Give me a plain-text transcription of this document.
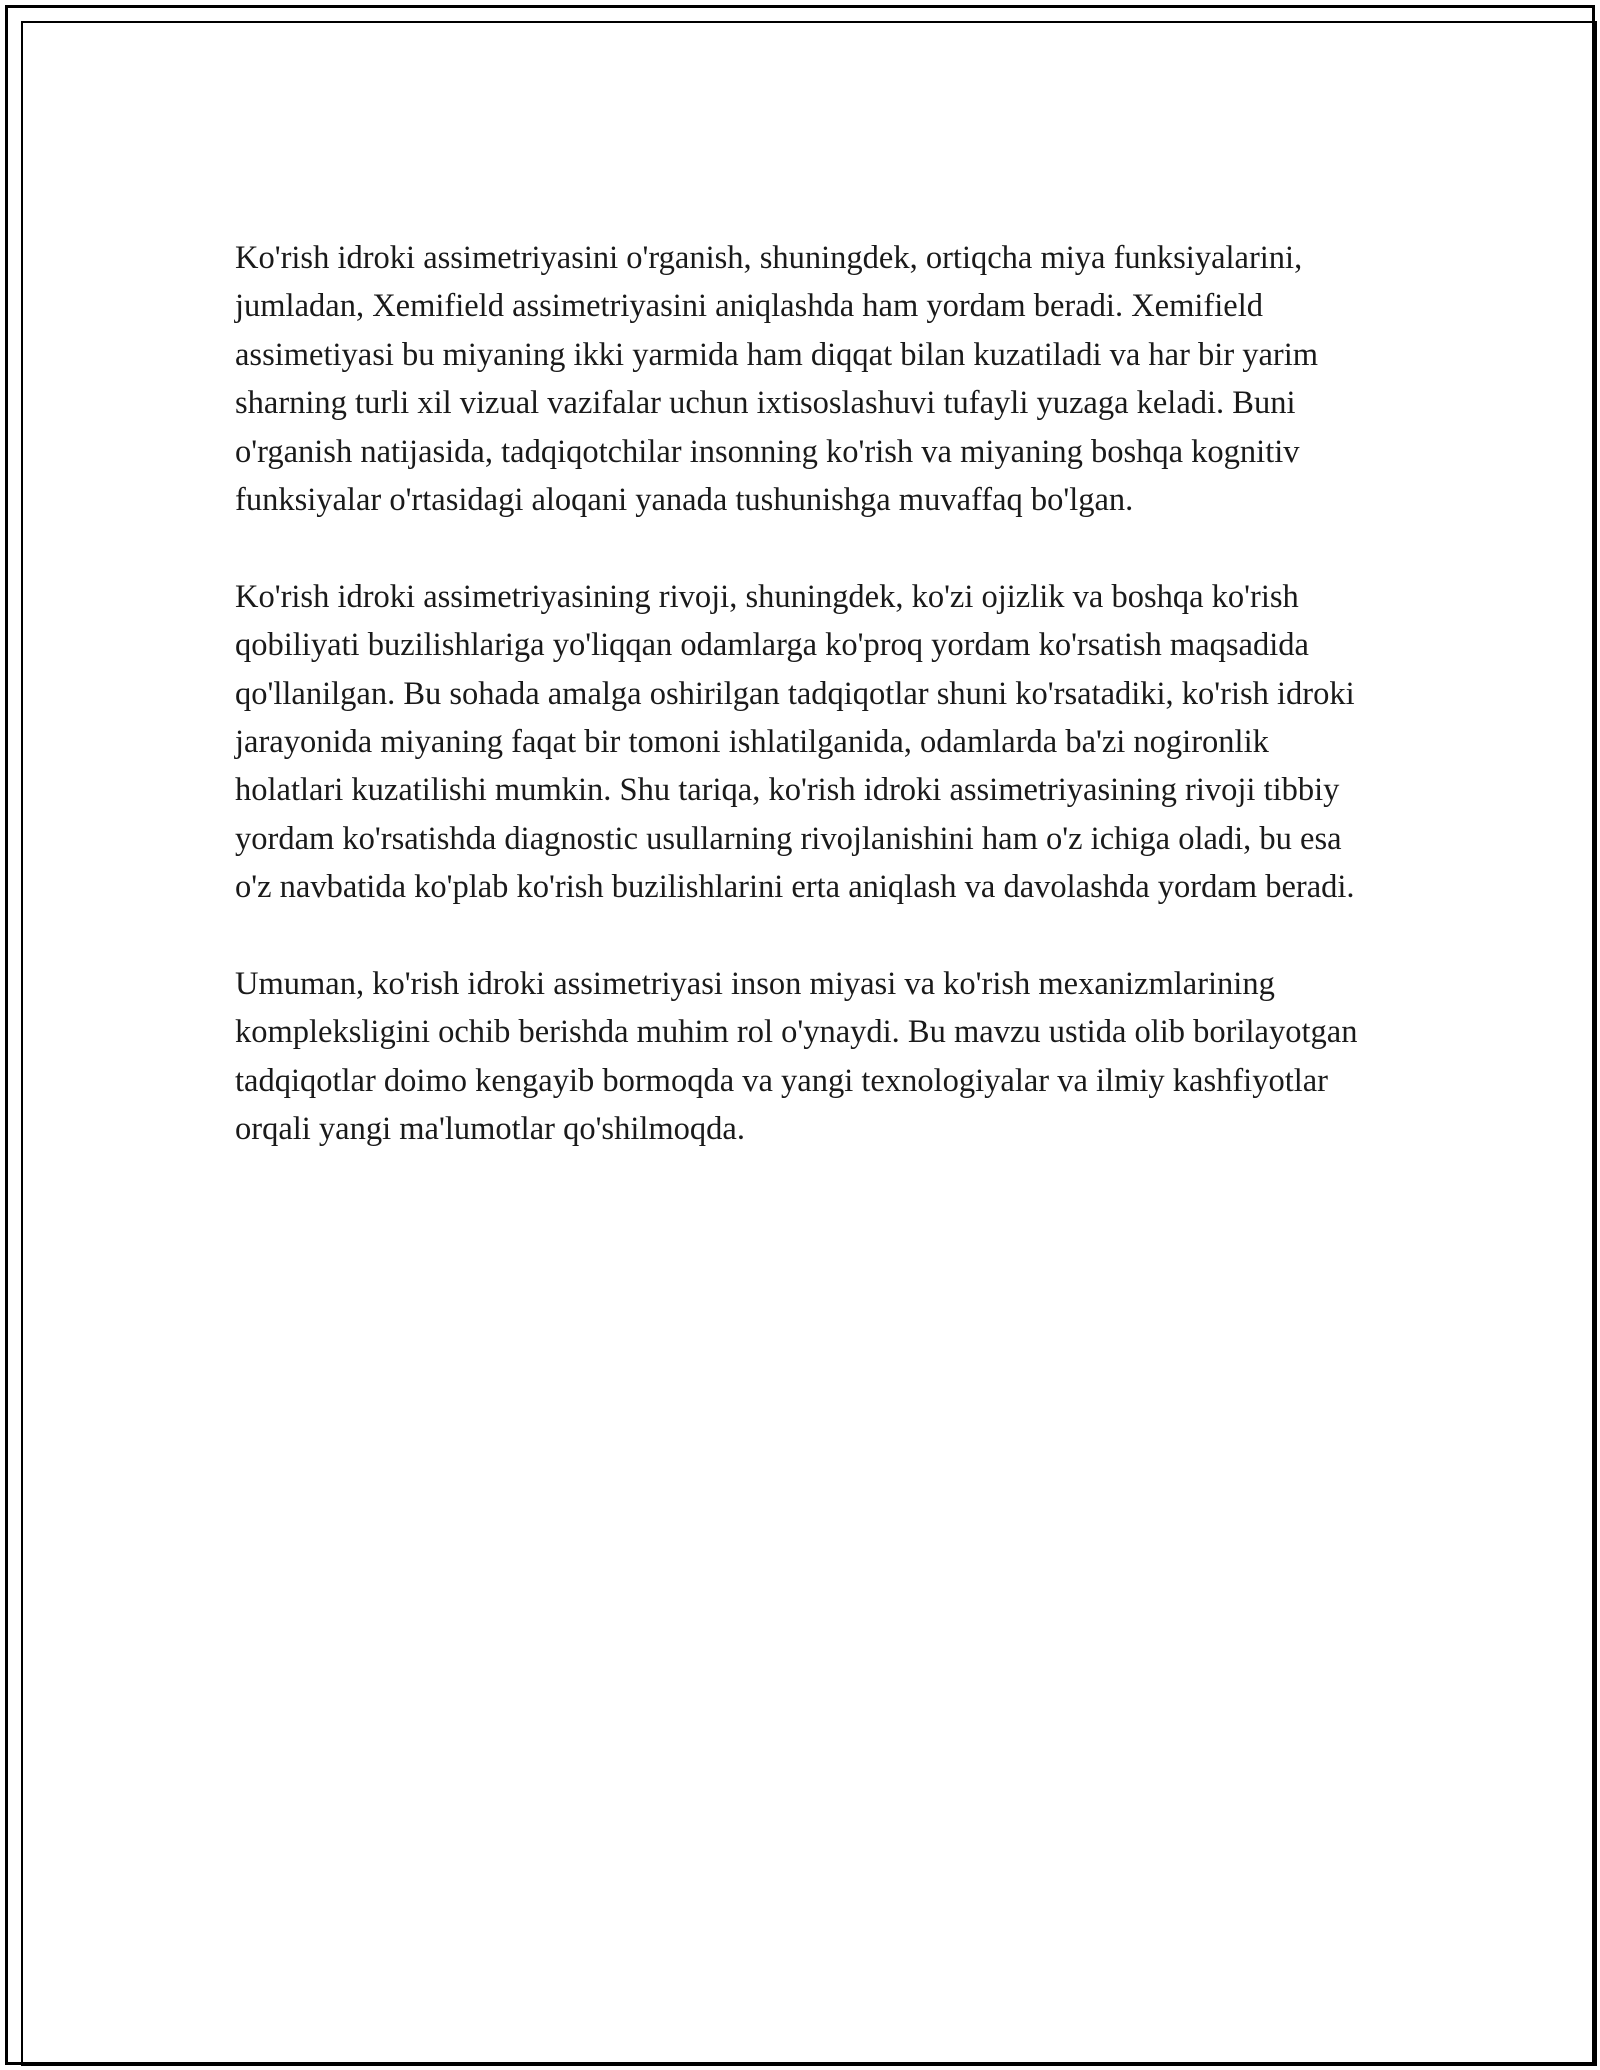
Ko'rish idroki assimetriyasini o'rganish, shuningdek, ortiqcha miya funksiyalarini, jumladan, Xemifield assimetriyasini aniqlashda ham yordam beradi. Xemifield assimetiyasi bu miyaning ikki yarmida ham diqqat bilan kuzatiladi va har bir yarim sharning turli xil vizual vazifalar uchun ixtisoslashuvi tufayli yuzaga keladi. Buni o'rganish natijasida, tadqiqotchilar insonning ko'rish va miyaning boshqa kognitiv funksiyalar o'rtasidagi aloqani yanada tushunishga muvaffaq bo'lgan.

Ko'rish idroki assimetriyasining rivoji, shuningdek, ko'zi ojizlik va boshqa ko'rish qobiliyati buzilishlariga yo'liqqan odamlarga ko'proq yordam ko'rsatish maqsadida qo'llanilgan. Bu sohada amalga oshirilgan tadqiqotlar shuni ko'rsatadiki, ko'rish idroki jarayonida miyaning faqat bir tomoni ishlatilganida, odamlarda ba'zi nogironlik holatlari kuzatilishi mumkin. Shu tariqa, ko'rish idroki assimetriyasining rivoji tibbiy yordam ko'rsatishda diagnostic usullarning rivojlanishini ham o'z ichiga oladi, bu esa o'z navbatida ko'plab ko'rish buzilishlarini erta aniqlash va davolashda yordam beradi.

Umuman, ko'rish idroki assimetriyasi inson miyasi va ko'rish mexanizmlarining kompleksligini ochib berishda muhim rol o'ynaydi. Bu mavzu ustida olib borilayotgan tadqiqotlar doimo kengayib bormoqda va yangi texnologiyalar va ilmiy kashfiyotlar orqali yangi ma'lumotlar qo'shilmoqda.
